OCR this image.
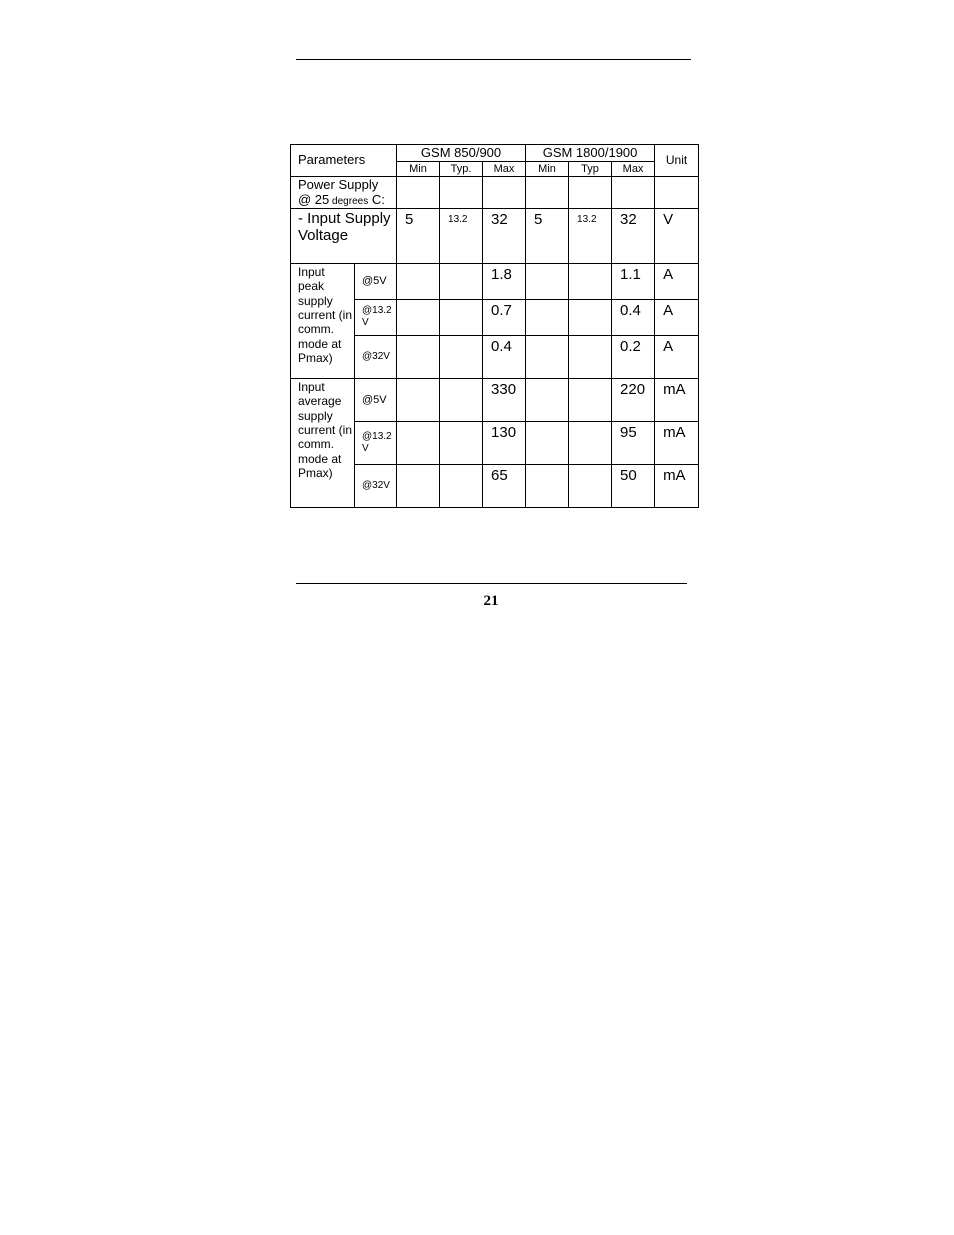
Parameters		GSM 850/900			GSM 1800/1900			Unit
		Min	Typ.	Max	Min	Typ	Max	
Power Supply
@ 25 degrees C:								
- Input Supply Voltage		5	13.2	32	5	13.2	32	V
Input peak supply current (in comm. mode at Pmax)	@5V			1.8			1.1	A
	@13.2 V			0.7			0.4	A
	@32V			0.4			0.2	A
Input average supply current (in comm. mode at Pmax)	@5V			330			220	mA
	@13.2 V			130			95	mA
	@32V			65			50	mA
21
